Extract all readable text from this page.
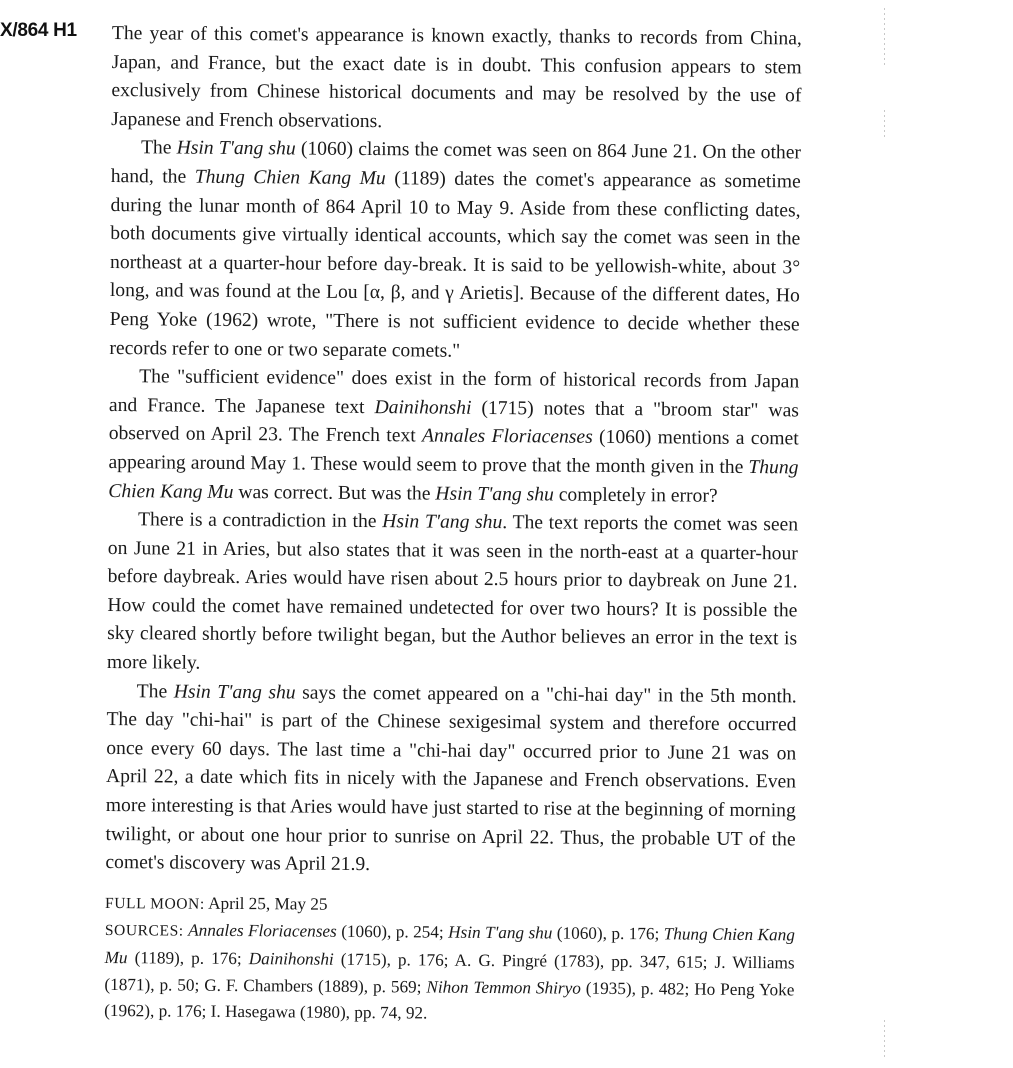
X/864 H1 The year of this comet's appearance is known exactly, thanks to records from China, Japan, and France, but the exact date is in doubt. This confusion appears to stem exclusively from Chinese historical documents and may be resolved by the use of Japanese and French observations.

The Hsin T'ang shu (1060) claims the comet was seen on 864 June 21. On the other hand, the Thung Chien Kang Mu (1189) dates the comet's appearance as sometime during the lunar month of 864 April 10 to May 9. Aside from these conflicting dates, both documents give virtually identical accounts, which say the comet was seen in the northeast at a quarter-hour before day-break. It is said to be yellowish-white, about 3° long, and was found at the Lou [α, β, and γ Arietis]. Because of the different dates, Ho Peng Yoke (1962) wrote, "There is not sufficient evidence to decide whether these records refer to one or two separate comets."

The "sufficient evidence" does exist in the form of historical records from Japan and France. The Japanese text Dainihonshi (1715) notes that a "broom star" was observed on April 23. The French text Annales Floriacenses (1060) mentions a comet appearing around May 1. These would seem to prove that the month given in the Thung Chien Kang Mu was correct. But was the Hsin T'ang shu completely in error?

There is a contradiction in the Hsin T'ang shu. The text reports the comet was seen on June 21 in Aries, but also states that it was seen in the north-east at a quarter-hour before daybreak. Aries would have risen about 2.5 hours prior to daybreak on June 21. How could the comet have remained undetected for over two hours? It is possible the sky cleared shortly before twilight began, but the Author believes an error in the text is more likely.

The Hsin T'ang shu says the comet appeared on a "chi-hai day" in the 5th month. The day "chi-hai" is part of the Chinese sexigesimal system and therefore occurred once every 60 days. The last time a "chi-hai day" occurred prior to June 21 was on April 22, a date which fits in nicely with the Japanese and French observations. Even more interesting is that Aries would have just started to rise at the beginning of morning twilight, or about one hour prior to sunrise on April 22. Thus, the probable UT of the comet's discovery was April 21.9.

FULL MOON: April 25, May 25

SOURCES: Annales Floriacenses (1060), p. 254; Hsin T'ang shu (1060), p. 176; Thung Chien Kang Mu (1189), p. 176; Dainihonshi (1715), p. 176; A. G. Pingré (1783), pp. 347, 615; J. Williams (1871), p. 50; G. F. Chambers (1889), p. 569; Nihon Temmon Shiryo (1935), p. 482; Ho Peng Yoke (1962), p. 176; I. Hasegawa (1980), pp. 74, 92.
